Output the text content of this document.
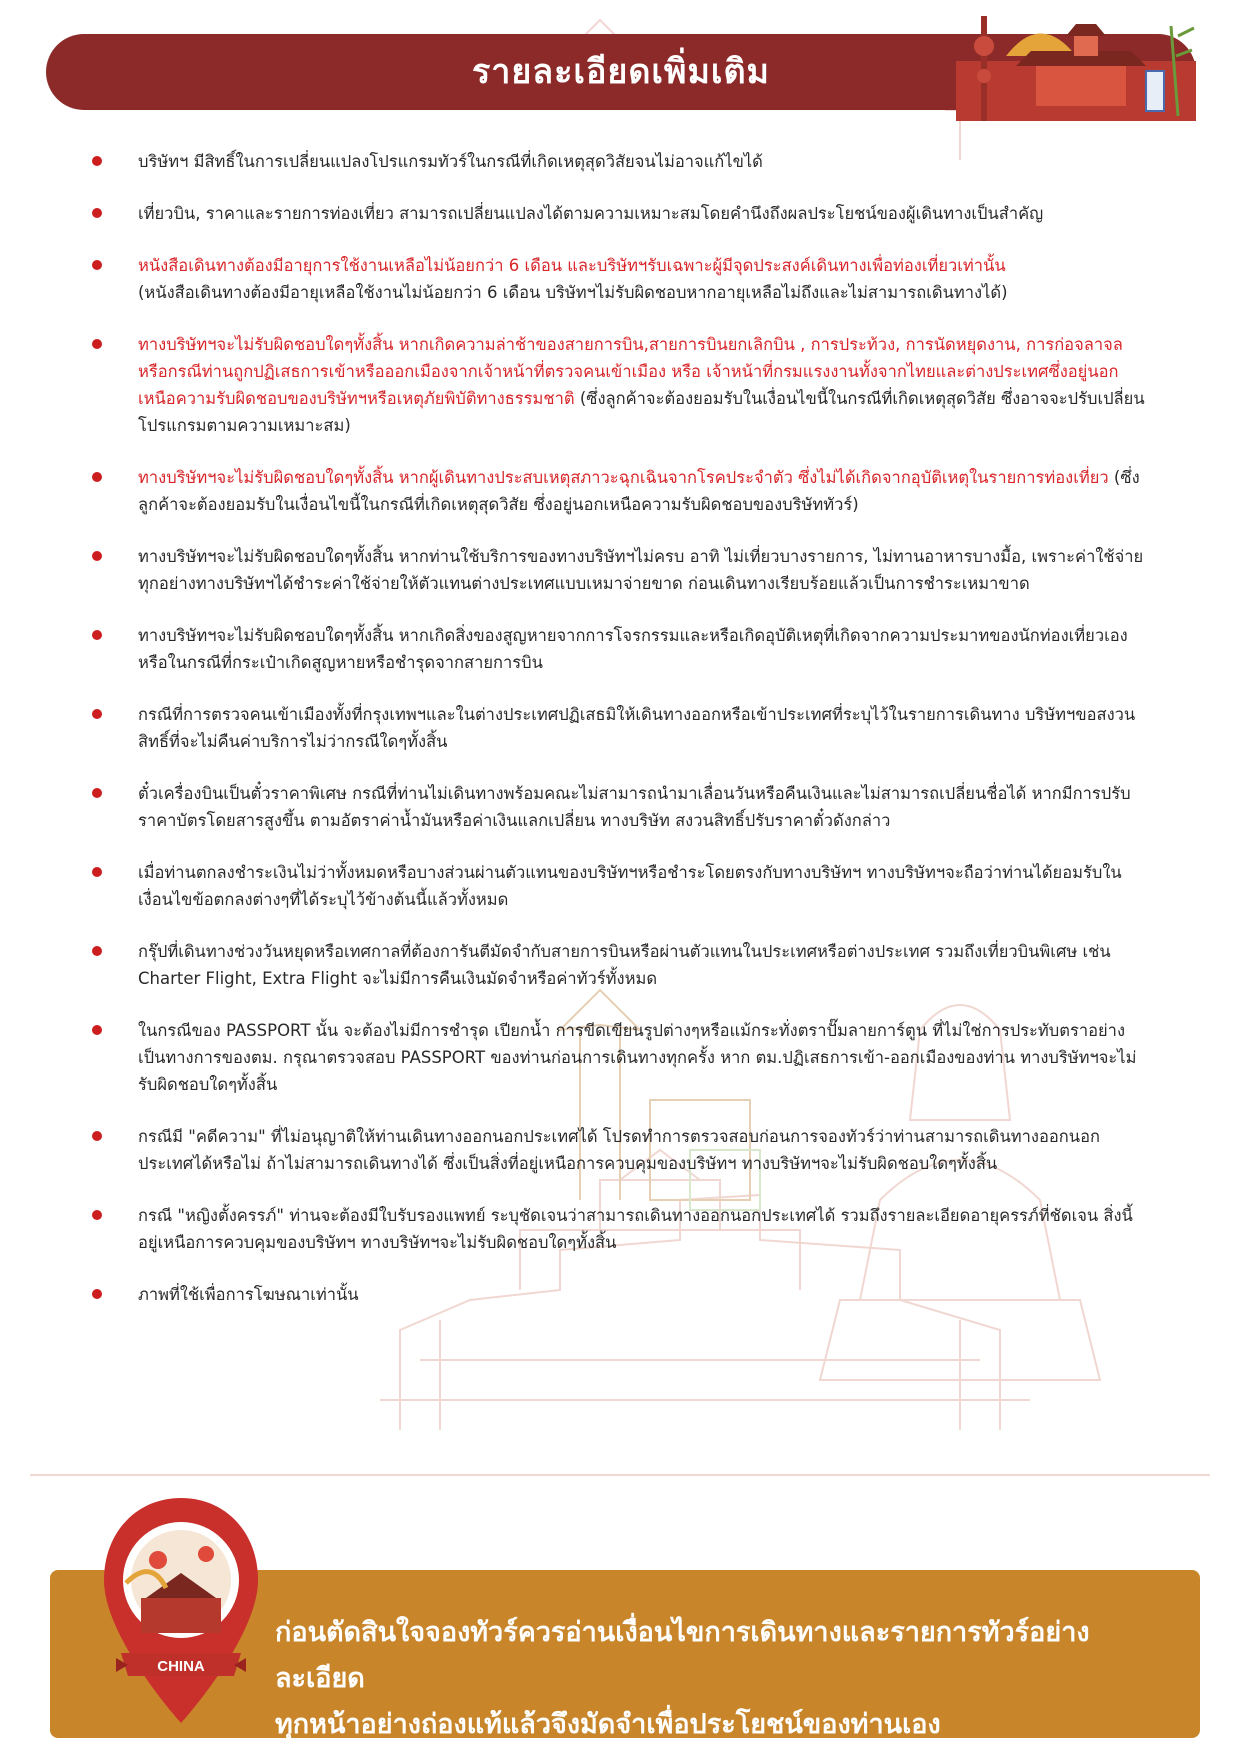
รายละเอียดเพิ่มเติม

บริษัทฯ มีสิทธิ์ในการเปลี่ยนแปลงโปรแกรมทัวร์ในกรณีที่เกิดเหตุสุดวิสัยจนไม่อาจแก้ไขได้

เที่ยวบิน, ราคาและรายการท่องเที่ยว สามารถเปลี่ยนแปลงได้ตามความเหมาะสมโดยคำนึงถึงผลประโยชน์ของผู้เดินทางเป็นสำคัญ

หนังสือเดินทางต้องมีอายุการใช้งานเหลือไม่น้อยกว่า 6 เดือน และบริษัทฯรับเฉพาะผู้มีจุดประสงค์เดินทางเพื่อท่องเที่ยวเท่านั้น
(หนังสือเดินทางต้องมีอายุเหลือใช้งานไม่น้อยกว่า 6 เดือน บริษัทฯไม่รับผิดชอบหากอายุเหลือไม่ถึงและไม่สามารถเดินทางได้)

ทางบริษัทฯจะไม่รับผิดชอบใดๆทั้งสิ้น หากเกิดความล่าช้าของสายการบิน,สายการบินยกเลิกบิน , การประท้วง, การนัดหยุดงาน, การก่อจลาจลหรือกรณีท่านถูกปฏิเสธการเข้าหรือออกเมืองจากเจ้าหน้าที่ตรวจคนเข้าเมือง หรือ เจ้าหน้าที่กรมแรงงานทั้งจากไทยและต่างประเทศซึ่งอยู่นอกเหนือความรับผิดชอบของบริษัทฯหรือเหตุภัยพิบัติทางธรรมชาติ (ซึ่งลูกค้าจะต้องยอมรับในเงื่อนไขนี้ในกรณีที่เกิดเหตุสุดวิสัย ซึ่งอาจจะปรับเปลี่ยนโปรแกรมตามความเหมาะสม)

ทางบริษัทฯจะไม่รับผิดชอบใดๆทั้งสิ้น หากผู้เดินทางประสบเหตุสภาวะฉุกเฉินจากโรคประจำตัว ซึ่งไม่ได้เกิดจากอุบัติเหตุในรายการท่องเที่ยว (ซึ่งลูกค้าจะต้องยอมรับในเงื่อนไขนี้ในกรณีที่เกิดเหตุสุดวิสัย ซึ่งอยู่นอกเหนือความรับผิดชอบของบริษัททัวร์)

ทางบริษัทฯจะไม่รับผิดชอบใดๆทั้งสิ้น หากท่านใช้บริการของทางบริษัทฯไม่ครบ อาทิ ไม่เที่ยวบางรายการ, ไม่ทานอาหารบางมื้อ, เพราะค่าใช้จ่ายทุกอย่างทางบริษัทฯได้ชำระค่าใช้จ่ายให้ตัวแทนต่างประเทศแบบเหมาจ่ายขาด ก่อนเดินทางเรียบร้อยแล้วเป็นการชำระเหมาขาด

ทางบริษัทฯจะไม่รับผิดชอบใดๆทั้งสิ้น หากเกิดสิ่งของสูญหายจากการโจรกรรมและหรือเกิดอุบัติเหตุที่เกิดจากความประมาทของนักท่องเที่ยวเองหรือในกรณีที่กระเป๋าเกิดสูญหายหรือชำรุดจากสายการบิน

กรณีที่การตรวจคนเข้าเมืองทั้งที่กรุงเทพฯและในต่างประเทศปฏิเสธมิให้เดินทางออกหรือเข้าประเทศที่ระบุไว้ในรายการเดินทาง บริษัทฯขอสงวนสิทธิ์ที่จะไม่คืนค่าบริการไม่ว่ากรณีใดๆทั้งสิ้น

ตั๋วเครื่องบินเป็นตั๋วราคาพิเศษ กรณีที่ท่านไม่เดินทางพร้อมคณะไม่สามารถนำมาเลื่อนวันหรือคืนเงินและไม่สามารถเปลี่ยนชื่อได้ หากมีการปรับราคาบัตรโดยสารสูงขึ้น ตามอัตราค่าน้ำมันหรือค่าเงินแลกเปลี่ยน ทางบริษัท สงวนสิทธิ์ปรับราคาตั๋วดังกล่าว

เมื่อท่านตกลงชำระเงินไม่ว่าทั้งหมดหรือบางส่วนผ่านตัวแทนของบริษัทฯหรือชำระโดยตรงกับทางบริษัทฯ ทางบริษัทฯจะถือว่าท่านได้ยอมรับในเงื่อนไขข้อตกลงต่างๆที่ได้ระบุไว้ข้างต้นนี้แล้วทั้งหมด

กรุ๊ปที่เดินทางช่วงวันหยุดหรือเทศกาลที่ต้องการันตีมัดจำกับสายการบินหรือผ่านตัวแทนในประเทศหรือต่างประเทศ รวมถึงเที่ยวบินพิเศษ เช่น Charter Flight, Extra Flight จะไม่มีการคืนเงินมัดจำหรือค่าทัวร์ทั้งหมด

ในกรณีของ PASSPORT นั้น จะต้องไม่มีการชำรุด เปียกน้ำ การขีดเขียนรูปต่างๆหรือแม้กระทั่งตราปั๊มลายการ์ตูน ที่ไม่ใช่การประทับตราอย่างเป็นทางการของตม. กรุณาตรวจสอบ PASSPORT ของท่านก่อนการเดินทางทุกครั้ง หาก ตม.ปฏิเสธการเข้า-ออกเมืองของท่าน ทางบริษัทฯจะไม่รับผิดชอบใดๆทั้งสิ้น

กรณีมี "คดีความ" ที่ไม่อนุญาติให้ท่านเดินทางออกนอกประเทศได้ โปรดทำการตรวจสอบก่อนการจองทัวร์ว่าท่านสามารถเดินทางออกนอกประเทศได้หรือไม่ ถ้าไม่สามารถเดินทางได้ ซึ่งเป็นสิ่งที่อยู่เหนือการควบคุมของบริษัทฯ ทางบริษัทฯจะไม่รับผิดชอบใดๆทั้งสิ้น

กรณี "หญิงตั้งครรภ์" ท่านจะต้องมีใบรับรองแพทย์ ระบุชัดเจนว่าสามารถเดินทางออกนอกประเทศได้ รวมถึงรายละเอียดอายุครรภ์ที่ชัดเจน สิ่งนี้อยู่เหนือการควบคุมของบริษัทฯ ทางบริษัทฯจะไม่รับผิดชอบใดๆทั้งสิ้น

ภาพที่ใช้เพื่อการโฆษณาเท่านั้น

ก่อนตัดสินใจจองทัวร์ควรอ่านเงื่อนไขการเดินทางและรายการทัวร์อย่างละเอียด
ทุกหน้าอย่างถ่องแท้แล้วจึงมัดจำเพื่อประโยชน์ของท่านเอง
CHINA
